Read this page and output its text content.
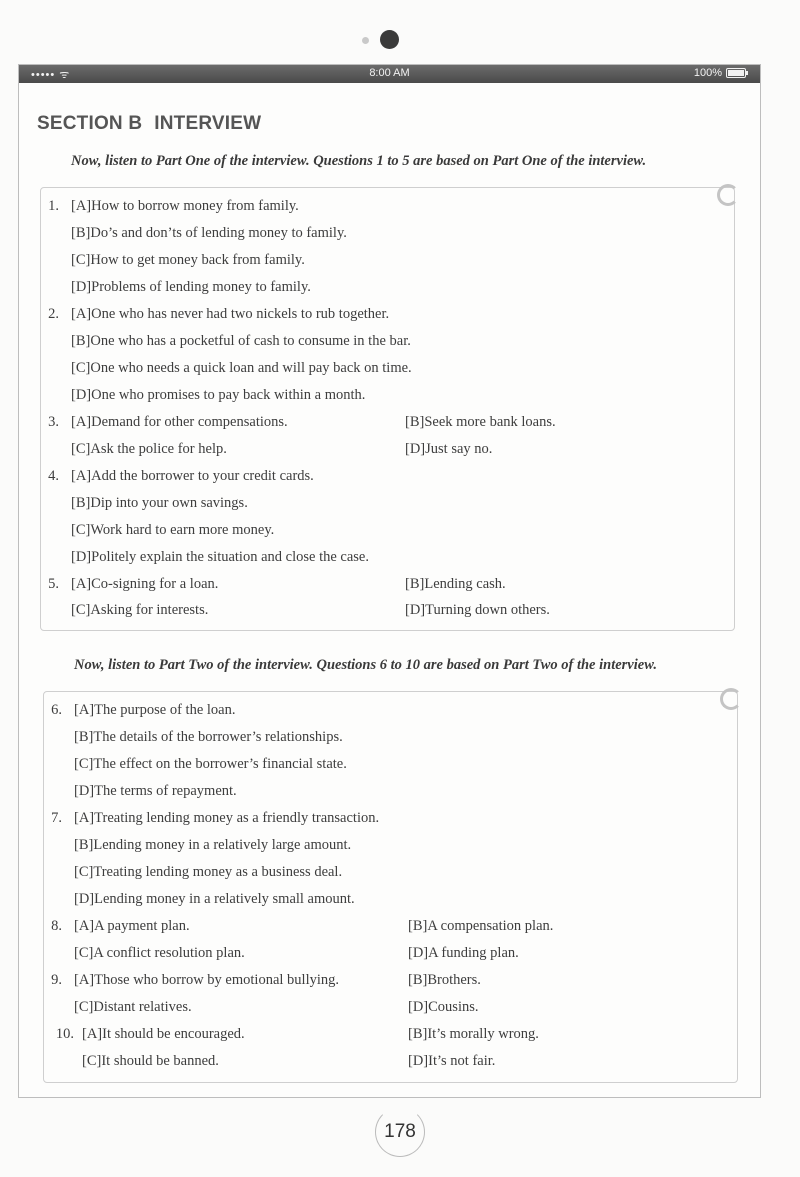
••••• ᯤ	8:00 AM	100%
SECTION B INTERVIEW
Now, listen to Part One of the interview. Questions 1 to 5 are based on Part One of the interview.
1. [A]How to borrow money from family.
[B]Do’s and don’ts of lending money to family.
[C]How to get money back from family.
[D]Problems of lending money to family.
2. [A]One who has never had two nickels to rub together.
[B]One who has a pocketful of cash to consume in the bar.
[C]One who needs a quick loan and will pay back on time.
[D]One who promises to pay back within a month.
3. [A]Demand for other compensations.	[B]Seek more bank loans.
[C]Ask the police for help.	[D]Just say no.
4. [A]Add the borrower to your credit cards.
[B]Dip into your own savings.
[C]Work hard to earn more money.
[D]Politely explain the situation and close the case.
5. [A]Co-signing for a loan.	[B]Lending cash.
[C]Asking for interests.	[D]Turning down others.
Now, listen to Part Two of the interview. Questions 6 to 10 are based on Part Two of the interview.
6. [A]The purpose of the loan.
[B]The details of the borrower’s relationships.
[C]The effect on the borrower’s financial state.
[D]The terms of repayment.
7. [A]Treating lending money as a friendly transaction.
[B]Lending money in a relatively large amount.
[C]Treating lending money as a business deal.
[D]Lending money in a relatively small amount.
8. [A]A payment plan.	[B]A compensation plan.
[C]A conflict resolution plan.	[D]A funding plan.
9. [A]Those who borrow by emotional bullying.	[B]Brothers.
[C]Distant relatives.	[D]Cousins.
10. [A]It should be encouraged.	[B]It’s morally wrong.
[C]It should be banned.	[D]It’s not fair.
178
